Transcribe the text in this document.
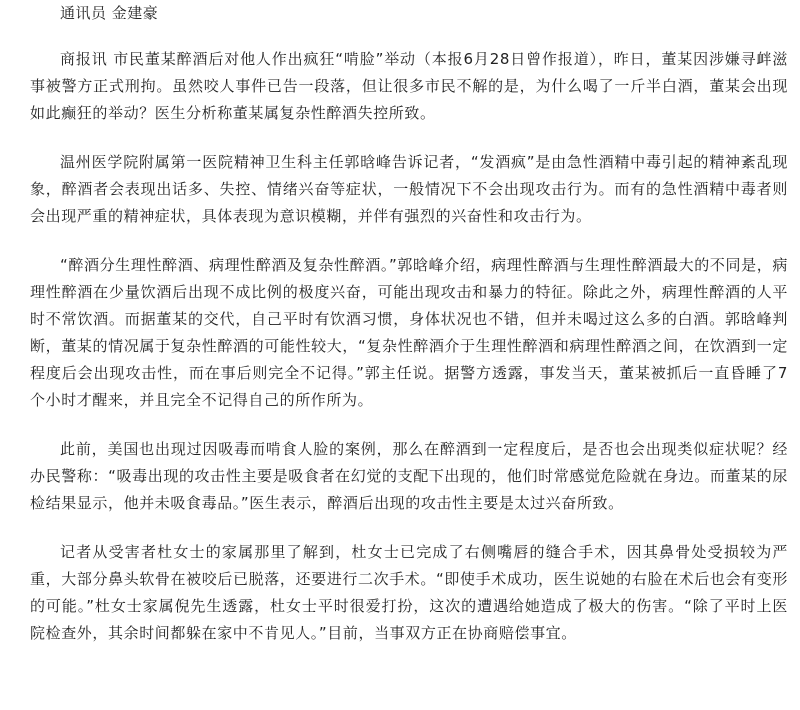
通讯员 金建豪

商报讯 市民董某醉酒后对他人作出疯狂“啃脸”举动（本报6月28日曾作报道），昨日，董某因涉嫌寻衅滋事被警方正式刑拘。虽然咬人事件已告一段落，但让很多市民不解的是，为什么喝了一斤半白酒，董某会出现如此癫狂的举动？医生分析称董某属复杂性醉酒失控所致。

温州医学院附属第一医院精神卫生科主任郭晗峰告诉记者，“发酒疯”是由急性酒精中毒引起的精神紊乱现象，醉酒者会表现出话多、失控、情绪兴奋等症状，一般情况下不会出现攻击行为。而有的急性酒精中毒者则会出现严重的精神症状，具体表现为意识模糊，并伴有强烈的兴奋性和攻击行为。

“醉酒分生理性醉酒、病理性醉酒及复杂性醉酒。”郭晗峰介绍，病理性醉酒与生理性醉酒最大的不同是，病理性醉酒在少量饮酒后出现不成比例的极度兴奋，可能出现攻击和暴力的特征。除此之外，病理性醉酒的人平时不常饮酒。而据董某的交代，自己平时有饮酒习惯，身体状况也不错，但并未喝过这么多的白酒。郭晗峰判断，董某的情况属于复杂性醉酒的可能性较大，“复杂性醉酒介于生理性醉酒和病理性醉酒之间，在饮酒到一定程度后会出现攻击性，而在事后则完全不记得。”郭主任说。据警方透露，事发当天，董某被抓后一直昏睡了7个小时才醒来，并且完全不记得自己的所作所为。

此前，美国也出现过因吸毒而啃食人脸的案例，那么在醉酒到一定程度后，是否也会出现类似症状呢？经办民警称：“吸毒出现的攻击性主要是吸食者在幻觉的支配下出现的，他们时常感觉危险就在身边。而董某的尿检结果显示，他并未吸食毒品。”医生表示，醉酒后出现的攻击性主要是太过兴奋所致。

记者从受害者杜女士的家属那里了解到，杜女士已完成了右侧嘴唇的缝合手术，因其鼻骨处受损较为严重，大部分鼻头软骨在被咬后已脱落，还要进行二次手术。“即使手术成功，医生说她的右脸在术后也会有变形的可能。”杜女士家属倪先生透露，杜女士平时很爱打扮，这次的遭遇给她造成了极大的伤害。“除了平时上医院检查外，其余时间都躲在家中不肯见人。”目前，当事双方正在协商赔偿事宜。
